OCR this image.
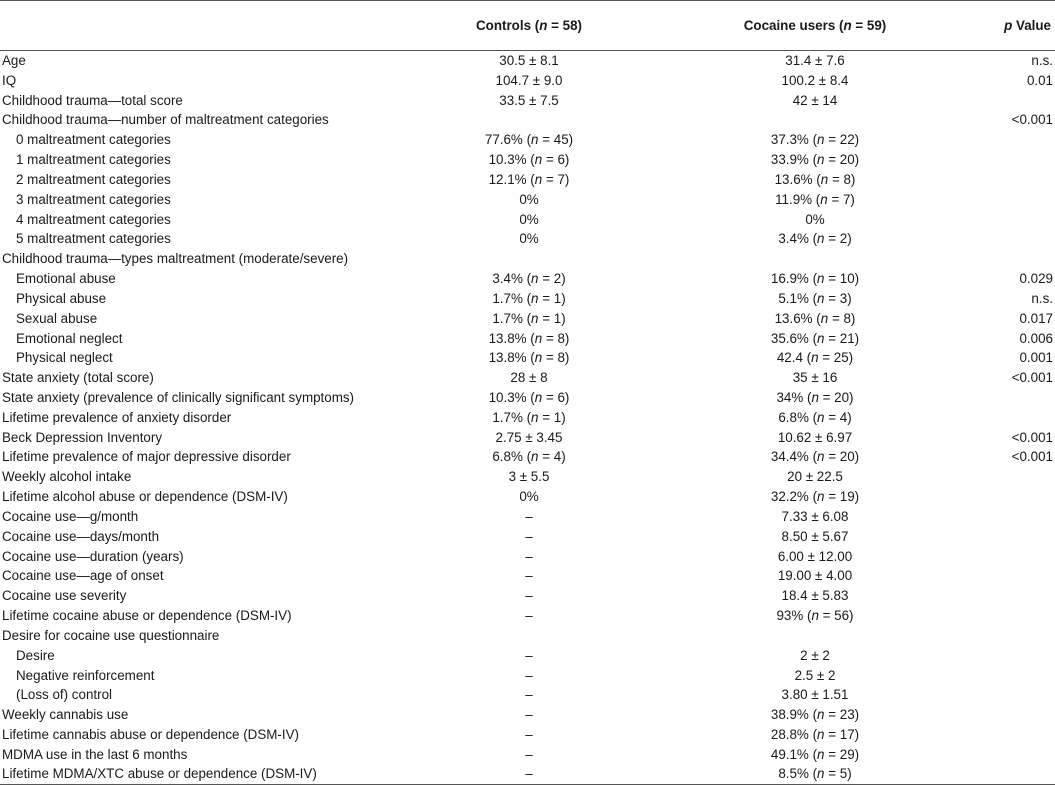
	Controls (n = 58)	Cocaine users (n = 59)	p Value
Age	30.5 ± 8.1	31.4 ± 7.6	n.s.
IQ	104.7 ± 9.0	100.2 ± 8.4	0.01
Childhood trauma—total score	33.5 ± 7.5	42 ± 14	
Childhood trauma—number of maltreatment categories			<0.001
0 maltreatment categories	77.6% (n = 45)	37.3% (n = 22)	
1 maltreatment categories	10.3% (n = 6)	33.9% (n = 20)	
2 maltreatment categories	12.1% (n = 7)	13.6% (n = 8)	
3 maltreatment categories	0%	11.9% (n = 7)	
4 maltreatment categories	0%	0%	
5 maltreatment categories	0%	3.4% (n = 2)	
Childhood trauma—types maltreatment (moderate/severe)			
Emotional abuse	3.4% (n = 2)	16.9% (n = 10)	0.029
Physical abuse	1.7% (n = 1)	5.1% (n = 3)	n.s.
Sexual abuse	1.7% (n = 1)	13.6% (n = 8)	0.017
Emotional neglect	13.8% (n = 8)	35.6% (n = 21)	0.006
Physical neglect	13.8% (n = 8)	42.4 (n = 25)	0.001
State anxiety (total score)	28 ± 8	35 ± 16	<0.001
State anxiety (prevalence of clinically significant symptoms)	10.3% (n = 6)	34% (n = 20)	
Lifetime prevalence of anxiety disorder	1.7% (n = 1)	6.8% (n = 4)	
Beck Depression Inventory	2.75 ± 3.45	10.62 ± 6.97	<0.001
Lifetime prevalence of major depressive disorder	6.8% (n = 4)	34.4% (n = 20)	<0.001
Weekly alcohol intake	3 ± 5.5	20 ± 22.5	
Lifetime alcohol abuse or dependence (DSM-IV)	0%	32.2% (n = 19)	
Cocaine use—g/month	–	7.33 ± 6.08	
Cocaine use—days/month	–	8.50 ± 5.67	
Cocaine use—duration (years)	–	6.00 ± 12.00	
Cocaine use—age of onset	–	19.00 ± 4.00	
Cocaine use severity	–	18.4 ± 5.83	
Lifetime cocaine abuse or dependence (DSM-IV)	–	93% (n = 56)	
Desire for cocaine use questionnaire			
Desire	–	2 ± 2	
Negative reinforcement	–	2.5 ± 2	
(Loss of) control	–	3.80 ± 1.51	
Weekly cannabis use	–	38.9% (n = 23)	
Lifetime cannabis abuse or dependence (DSM-IV)	–	28.8% (n = 17)	
MDMA use in the last 6 months	–	49.1% (n = 29)	
Lifetime MDMA/XTC abuse or dependence (DSM-IV)	–	8.5% (n = 5)	
